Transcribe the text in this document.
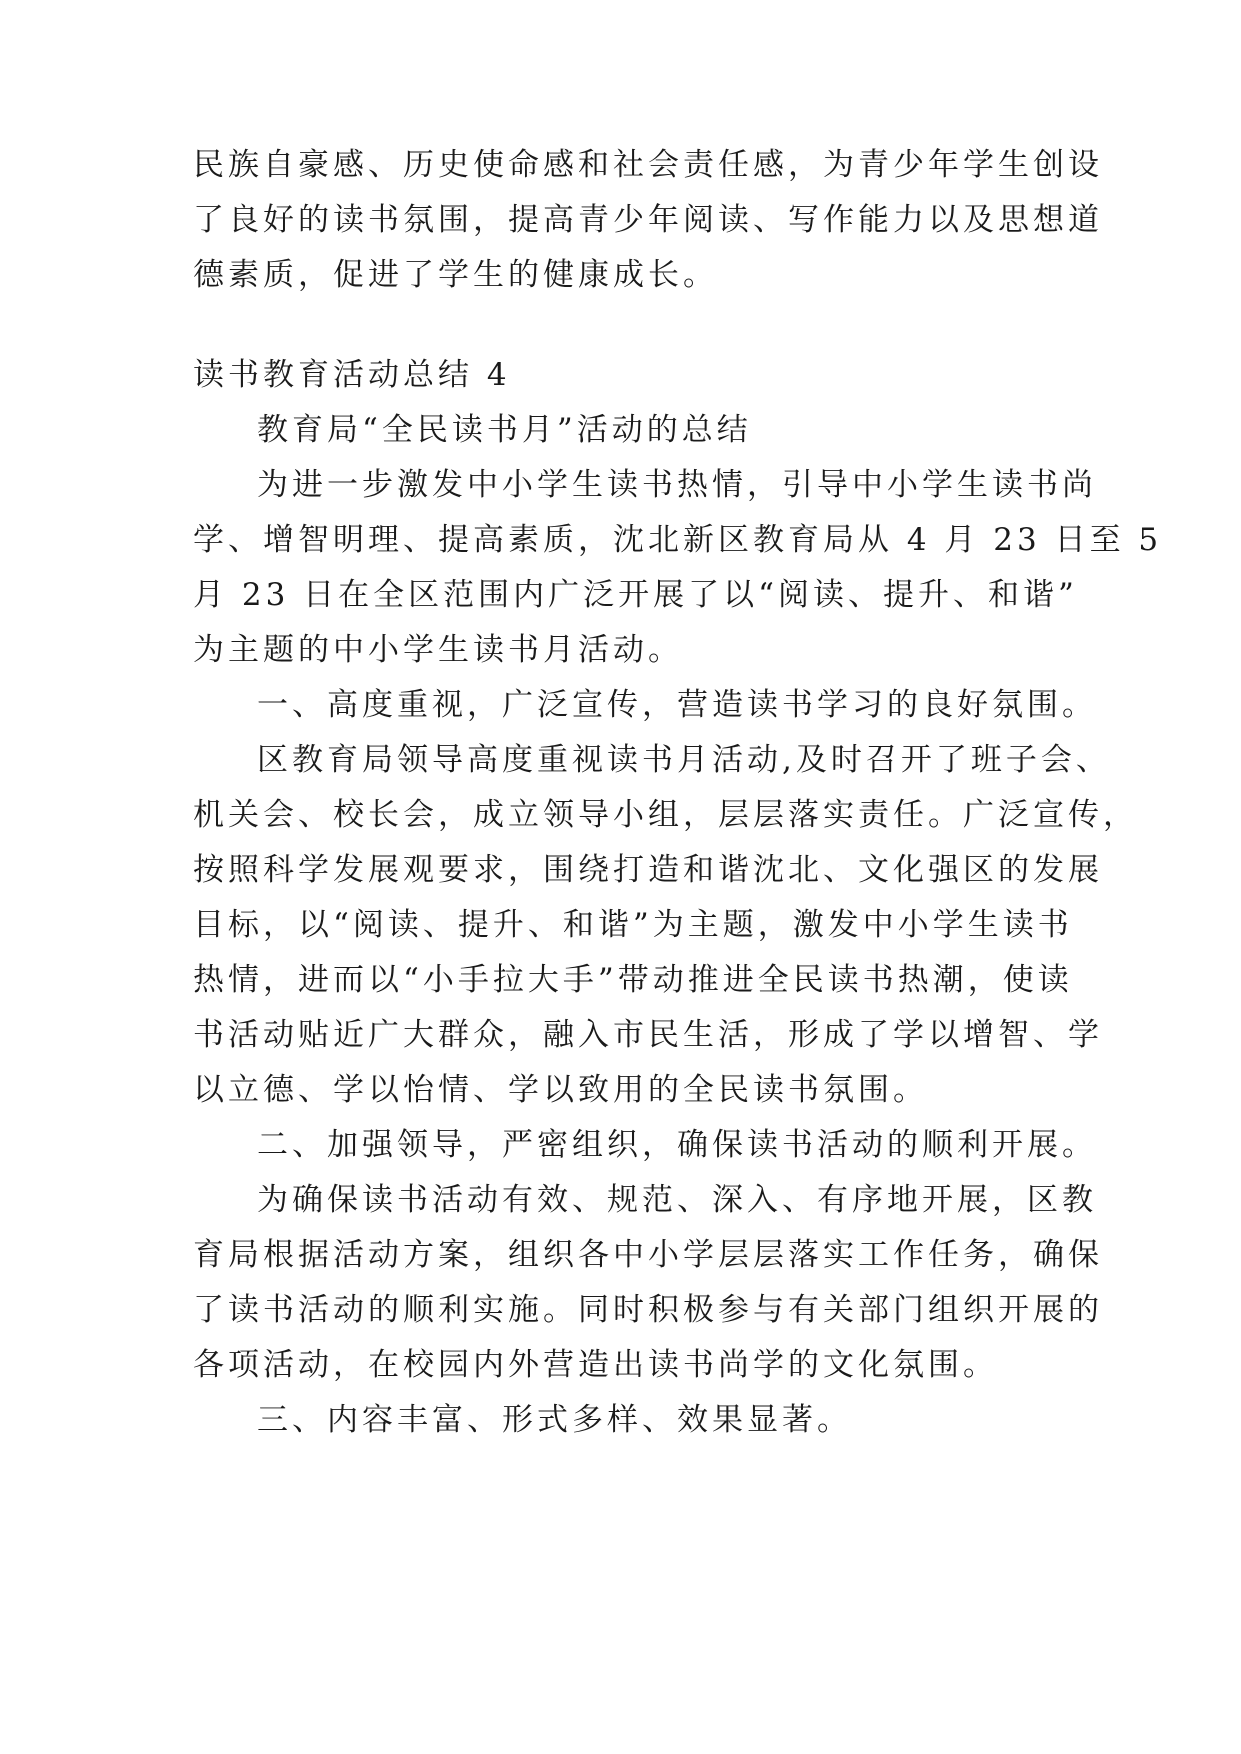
民族自豪感、历史使命感和社会责任感，为青少年学生创设
了良好的读书氛围，提高青少年阅读、写作能力以及思想道
德素质，促进了学生的健康成长。
读书教育活动总结 4
教育局“全民读书月”活动的总结
为进一步激发中小学生读书热情，引导中小学生读书尚
学、增智明理、提高素质，沈北新区教育局从 4 月 23 日至 5
月 23 日在全区范围内广泛开展了以“阅读、提升、和谐”
为主题的中小学生读书月活动。
一、高度重视，广泛宣传，营造读书学习的良好氛围。
区教育局领导高度重视读书月活动,及时召开了班子会、
机关会、校长会，成立领导小组，层层落实责任。广泛宣传，
按照科学发展观要求，围绕打造和谐沈北、文化强区的发展
目标，以“阅读、提升、和谐”为主题，激发中小学生读书
热情，进而以“小手拉大手”带动推进全民读书热潮，使读
书活动贴近广大群众，融入市民生活，形成了学以增智、学
以立德、学以怡情、学以致用的全民读书氛围。
二、加强领导，严密组织，确保读书活动的顺利开展。
为确保读书活动有效、规范、深入、有序地开展，区教
育局根据活动方案，组织各中小学层层落实工作任务，确保
了读书活动的顺利实施。同时积极参与有关部门组织开展的
各项活动，在校园内外营造出读书尚学的文化氛围。
三、内容丰富、形式多样、效果显著。
